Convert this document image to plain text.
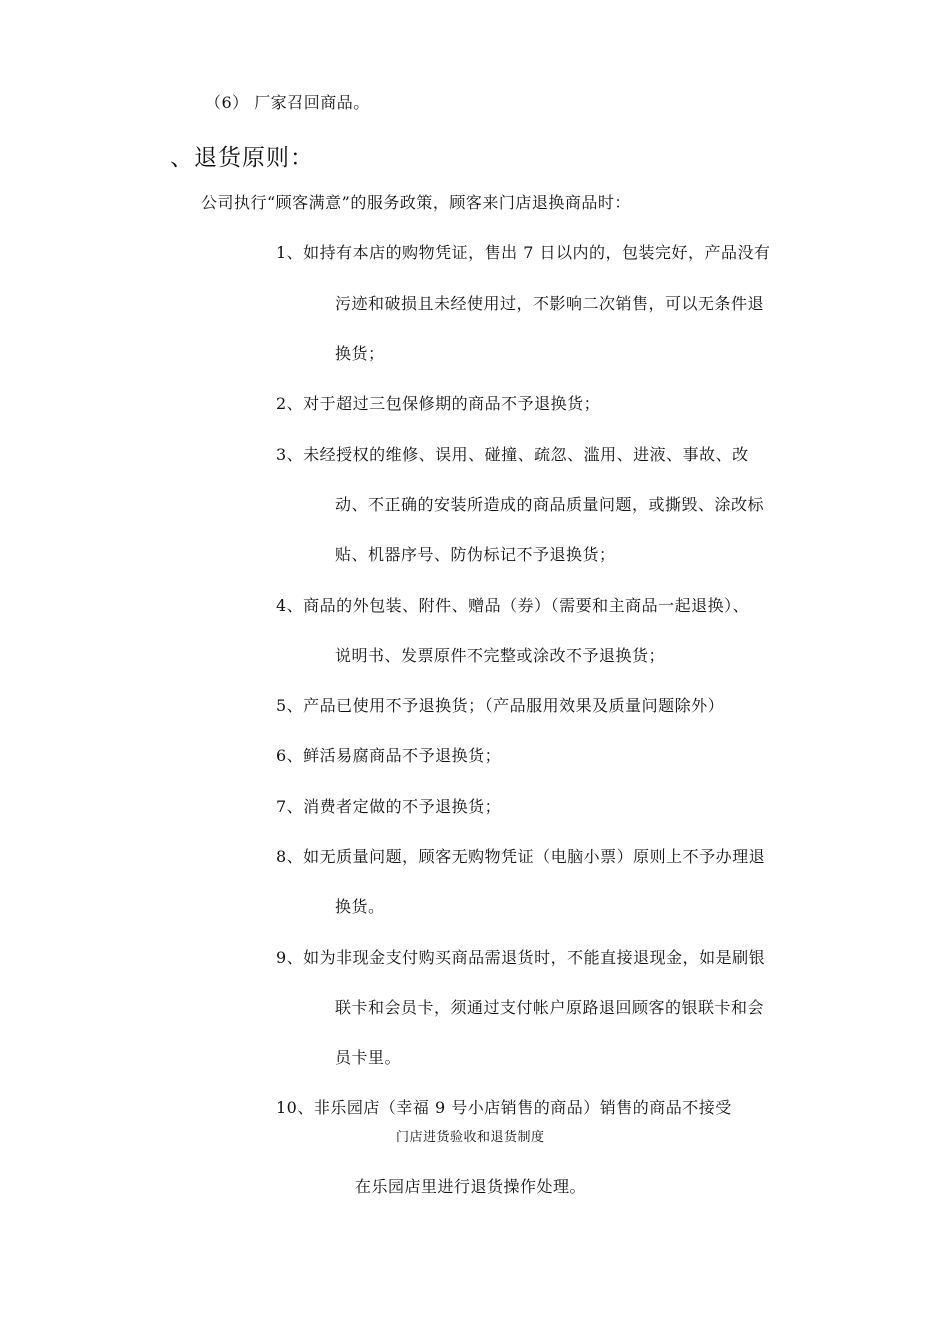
（6） 厂家召回商品。
、退货原则：
公司执行“顾客满意”的服务政策，顾客来门店退换商品时：
1、如持有本店的购物凭证，售出 7 日以内的，包装完好，产品没有
污迹和破损且未经使用过，不影响二次销售，可以无条件退
换货；
2、对于超过三包保修期的商品不予退换货；
3、未经授权的维修、误用、碰撞、疏忽、滥用、进液、事故、改
动、不正确的安装所造成的商品质量问题，或撕毁、涂改标
贴、机器序号、防伪标记不予退换货；
4、商品的外包装、附件、赠品（券）（需要和主商品一起退换）、
说明书、发票原件不完整或涂改不予退换货；
5、产品已使用不予退换货；（产品服用效果及质量问题除外）
6、鲜活易腐商品不予退换货；
7、消费者定做的不予退换货；
8、如无质量问题，顾客无购物凭证（电脑小票）原则上不予办理退
换货。
9、如为非现金支付购买商品需退货时，不能直接退现金，如是刷银
联卡和会员卡，须通过支付帐户原路退回顾客的银联卡和会
员卡里。
10、非乐园店（幸福 9 号小店销售的商品）销售的商品不接受
门店进货验收和退货制度
在乐园店里进行退货操作处理。
